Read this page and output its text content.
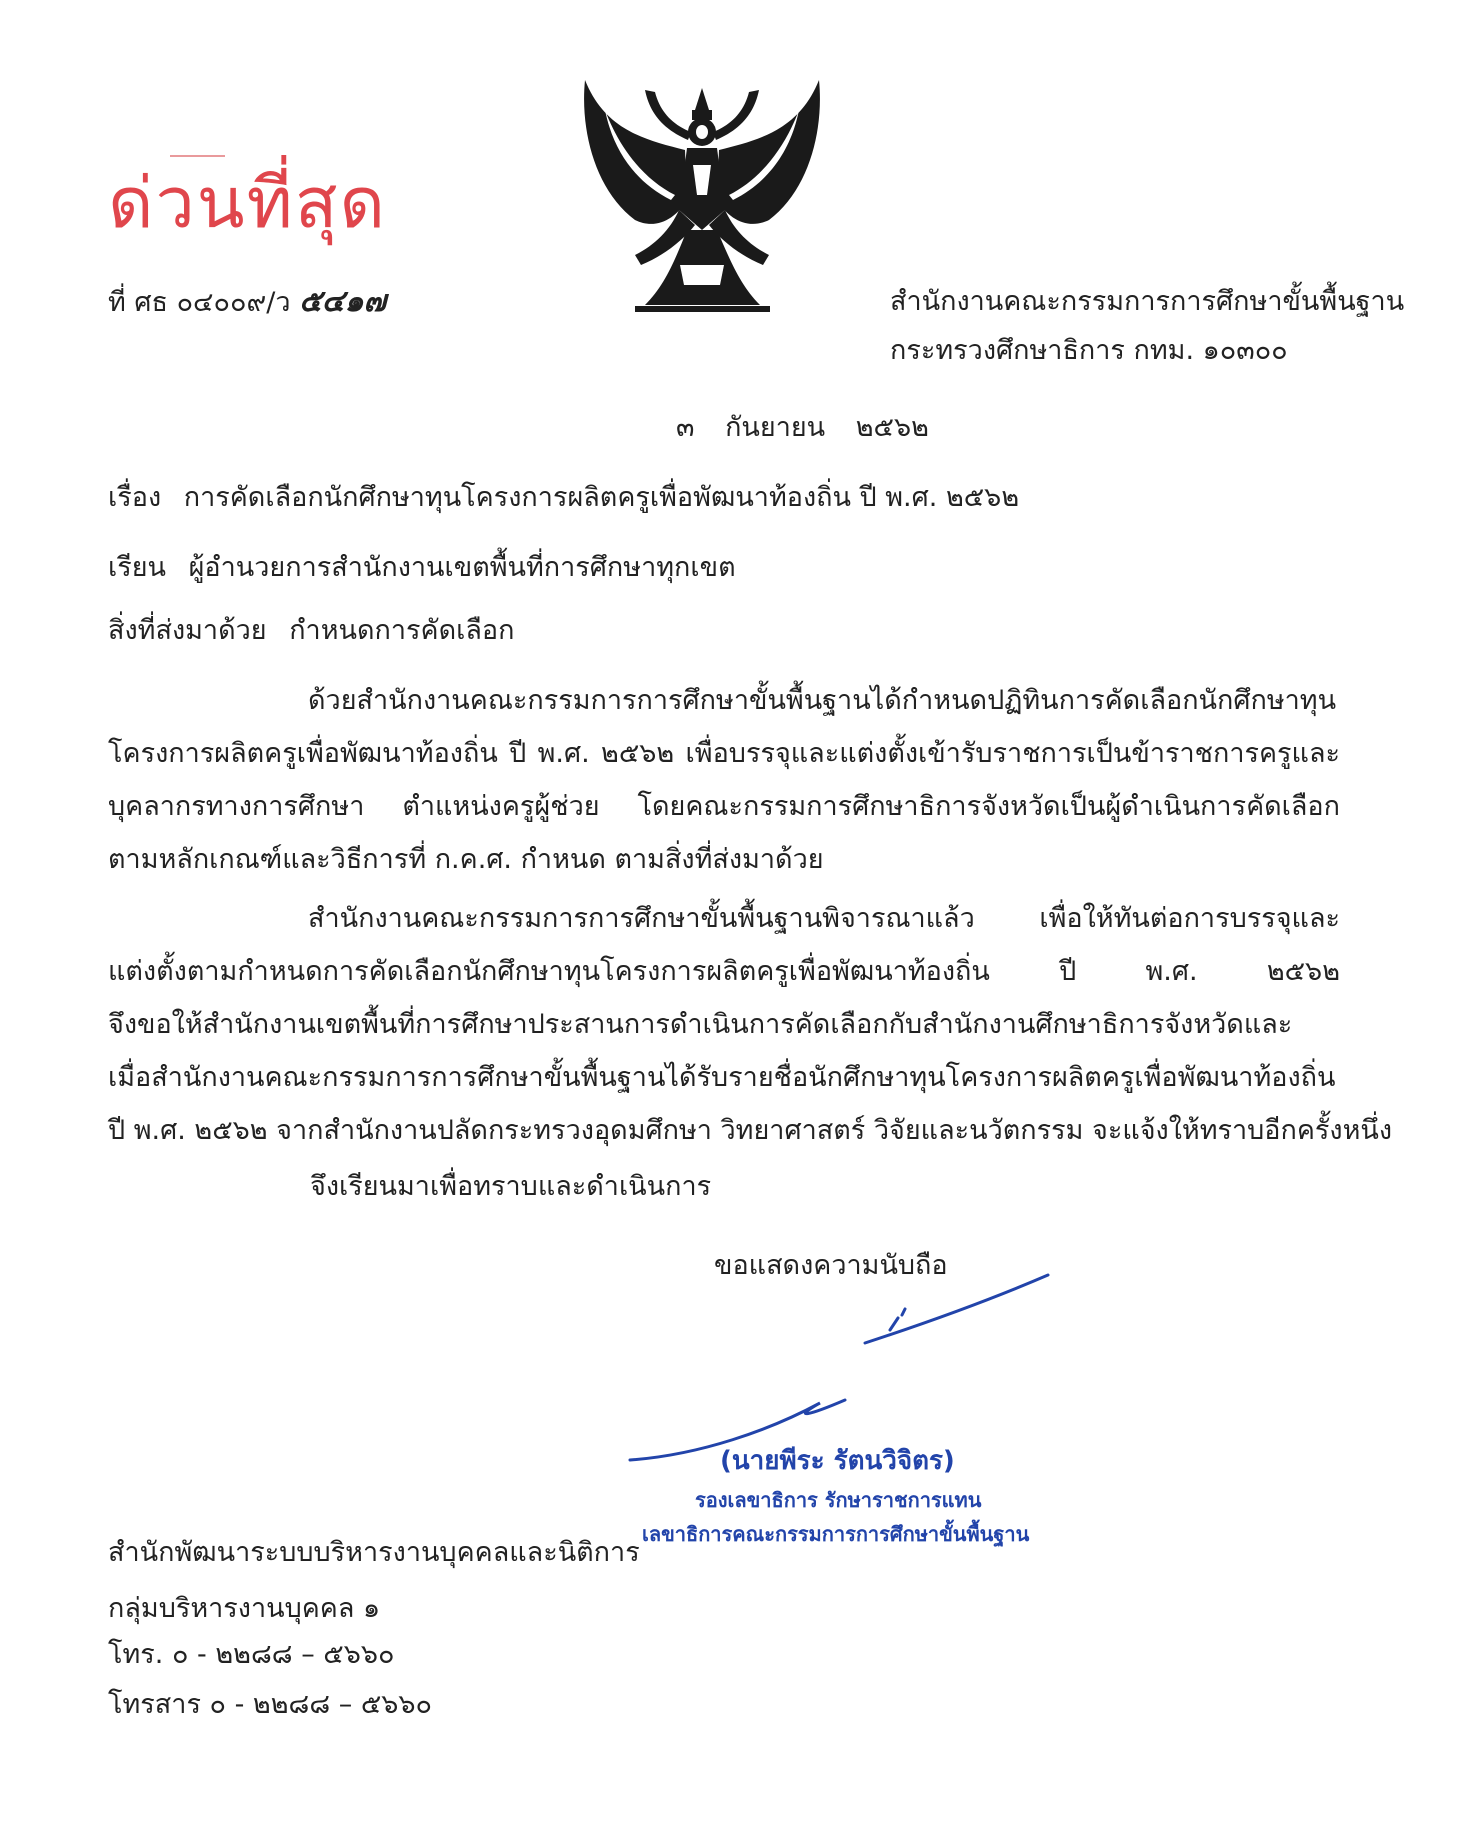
ด่วนที่สุด
ที่ ศธ ๐๔๐๐๙/ว ๕๔๑๗	สำนักงานคณะกรรมการการศึกษาขั้นพื้นฐาน
กระทรวงศึกษาธิการ กทม. ๑๐๓๐๐
๓ กันยายน ๒๕๖๒
เรื่อง การคัดเลือกนักศึกษาทุนโครงการผลิตครูเพื่อพัฒนาท้องถิ่น ปี พ.ศ. ๒๕๖๒
เรียน ผู้อำนวยการสำนักงานเขตพื้นที่การศึกษาทุกเขต
สิ่งที่ส่งมาด้วย กำหนดการคัดเลือก
ด้วยสำนักงานคณะกรรมการการศึกษาขั้นพื้นฐานได้กำหนดปฏิทินการคัดเลือกนักศึกษาทุน
โครงการผลิตครูเพื่อพัฒนาท้องถิ่น ปี พ.ศ. ๒๕๖๒ เพื่อบรรจุและแต่งตั้งเข้ารับราชการเป็นข้าราชการครูและ
บุคลากรทางการศึกษา ตำแหน่งครูผู้ช่วย โดยคณะกรรมการศึกษาธิการจังหวัดเป็นผู้ดำเนินการคัดเลือก
ตามหลักเกณฑ์และวิธีการที่ ก.ค.ศ. กำหนด ตามสิ่งที่ส่งมาด้วย
สำนักงานคณะกรรมการการศึกษาขั้นพื้นฐานพิจารณาแล้ว เพื่อให้ทันต่อการบรรจุและ
แต่งตั้งตามกำหนดการคัดเลือกนักศึกษาทุนโครงการผลิตครูเพื่อพัฒนาท้องถิ่น ปี พ.ศ. ๒๕๖๒
จึงขอให้สำนักงานเขตพื้นที่การศึกษาประสานการดำเนินการคัดเลือกกับสำนักงานศึกษาธิการจังหวัดและ
เมื่อสำนักงานคณะกรรมการการศึกษาขั้นพื้นฐานได้รับรายชื่อนักศึกษาทุนโครงการผลิตครูเพื่อพัฒนาท้องถิ่น
ปี พ.ศ. ๒๕๖๒ จากสำนักงานปลัดกระทรวงอุดมศึกษา วิทยาศาสตร์ วิจัยและนวัตกรรม จะแจ้งให้ทราบอีกครั้งหนึ่ง
จึงเรียนมาเพื่อทราบและดำเนินการ
ขอแสดงความนับถือ
(นายพีระ รัตนวิจิตร)
รองเลขาธิการ รักษาราชการแทน
เลขาธิการคณะกรรมการการศึกษาขั้นพื้นฐาน
สำนักพัฒนาระบบบริหารงานบุคคลและนิติการ
กลุ่มบริหารงานบุคคล ๑
โทร. ๐ - ๒๒๘๘ – ๕๖๖๐
โทรสาร ๐ - ๒๒๘๘ – ๕๖๖๐
